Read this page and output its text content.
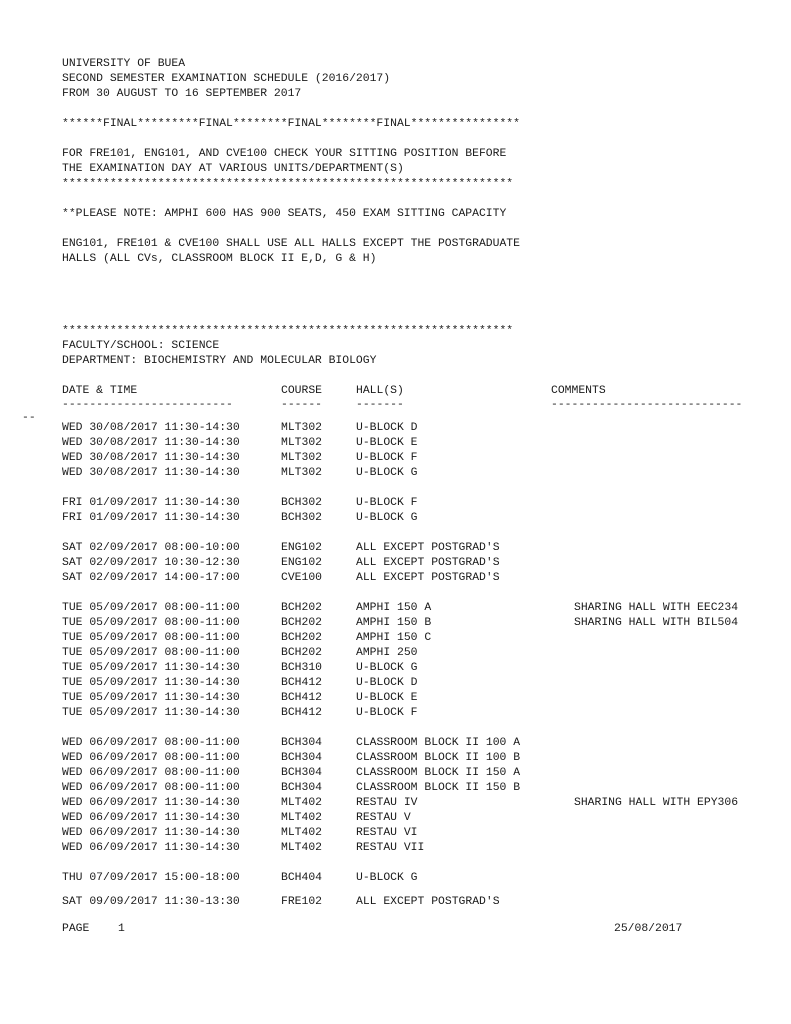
UNIVERSITY OF BUEA
SECOND SEMESTER EXAMINATION SCHEDULE (2016/2017)
FROM 30 AUGUST TO 16 SEPTEMBER 2017
******FINAL*********FINAL********FINAL********FINAL****************
FOR FRE101, ENG101, AND CVE100 CHECK YOUR SITTING POSITION BEFORE
THE EXAMINATION DAY AT VARIOUS UNITS/DEPARTMENT(S)
******************************************************************
**PLEASE NOTE: AMPHI 600 HAS 900 SEATS, 450 EXAM SITTING CAPACITY
ENG101, FRE101 & CVE100 SHALL USE ALL HALLS EXCEPT THE POSTGRADUATE
HALLS (ALL CVs, CLASSROOM BLOCK II E,D, G & H)
******************************************************************
FACULTY/SCHOOL: SCIENCE
DEPARTMENT: BIOCHEMISTRY AND MOLECULAR BIOLOGY
DATE & TIME	COURSE	HALL(S)	COMMENTS
-------------------------	------	-------	----------------------------
--
WED 30/08/2017 11:30-14:30	MLT302	U-BLOCK D
WED 30/08/2017 11:30-14:30	MLT302	U-BLOCK E
WED 30/08/2017 11:30-14:30	MLT302	U-BLOCK F
WED 30/08/2017 11:30-14:30	MLT302	U-BLOCK G
FRI 01/09/2017 11:30-14:30	BCH302	U-BLOCK F
FRI 01/09/2017 11:30-14:30	BCH302	U-BLOCK G
SAT 02/09/2017 08:00-10:00	ENG102	ALL EXCEPT POSTGRAD'S
SAT 02/09/2017 10:30-12:30	ENG102	ALL EXCEPT POSTGRAD'S
SAT 02/09/2017 14:00-17:00	CVE100	ALL EXCEPT POSTGRAD'S
TUE 05/09/2017 08:00-11:00	BCH202	AMPHI 150 A	SHARING HALL WITH EEC234
TUE 05/09/2017 08:00-11:00	BCH202	AMPHI 150 B	SHARING HALL WITH BIL504
TUE 05/09/2017 08:00-11:00	BCH202	AMPHI 150 C
TUE 05/09/2017 08:00-11:00	BCH202	AMPHI 250
TUE 05/09/2017 11:30-14:30	BCH310	U-BLOCK G
TUE 05/09/2017 11:30-14:30	BCH412	U-BLOCK D
TUE 05/09/2017 11:30-14:30	BCH412	U-BLOCK E
TUE 05/09/2017 11:30-14:30	BCH412	U-BLOCK F
WED 06/09/2017 08:00-11:00	BCH304	CLASSROOM BLOCK II 100 A
WED 06/09/2017 08:00-11:00	BCH304	CLASSROOM BLOCK II 100 B
WED 06/09/2017 08:00-11:00	BCH304	CLASSROOM BLOCK II 150 A
WED 06/09/2017 08:00-11:00	BCH304	CLASSROOM BLOCK II 150 B
WED 06/09/2017 11:30-14:30	MLT402	RESTAU IV	SHARING HALL WITH EPY306
WED 06/09/2017 11:30-14:30	MLT402	RESTAU V
WED 06/09/2017 11:30-14:30	MLT402	RESTAU VI
WED 06/09/2017 11:30-14:30	MLT402	RESTAU VII
THU 07/09/2017 15:00-18:00	BCH404	U-BLOCK G
SAT 09/09/2017 11:30-13:30	FRE102	ALL EXCEPT POSTGRAD'S
PAGE	1	25/08/2017
